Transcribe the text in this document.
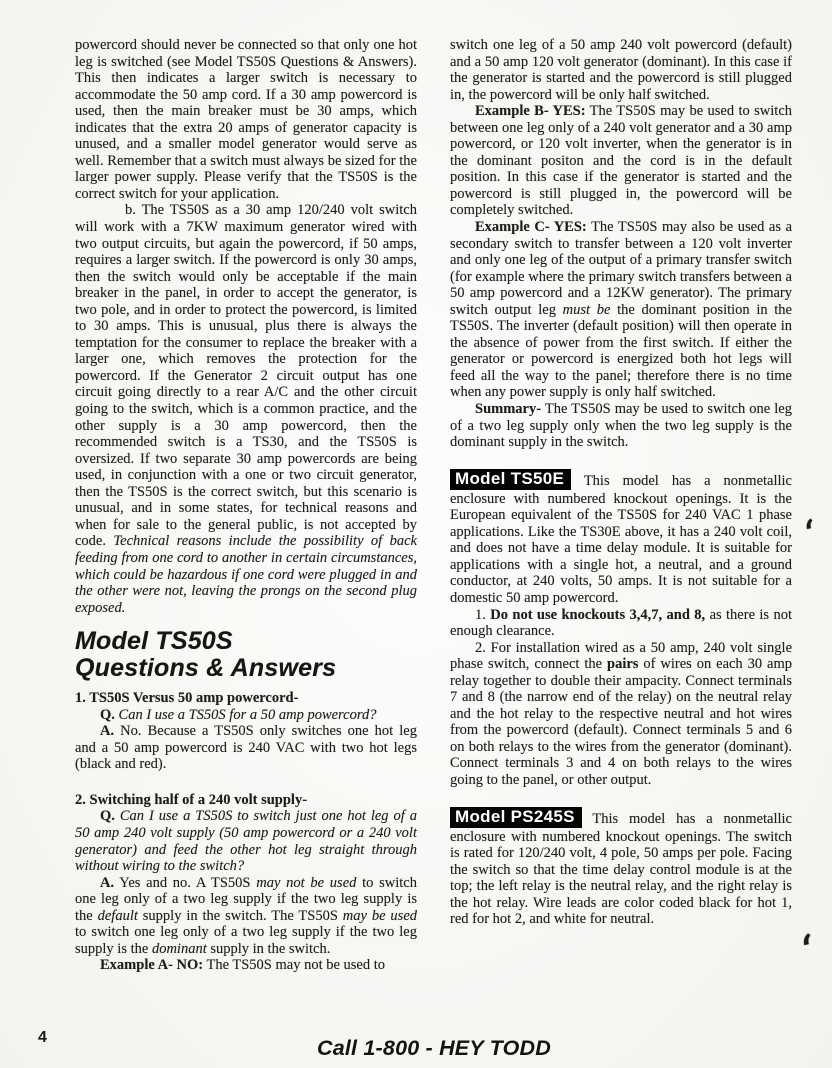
powercord should never be connected so that only one hot leg is switched (see Model TS50S Questions & Answers). This then indicates a larger switch is necessary to accommodate the 50 amp cord. If a 30 amp powercord is used, then the main breaker must be 30 amps, which indicates that the extra 20 amps of generator capacity is unused, and a smaller model generator would serve as well. Remember that a switch must always be sized for the larger power supply. Please verify that the TS50S is the correct switch for your application.
b. The TS50S as a 30 amp 120/240 volt switch will work with a 7KW maximum generator wired with two output circuits, but again the powercord, if 50 amps, requires a larger switch. If the powercord is only 30 amps, then the switch would only be acceptable if the main breaker in the panel, in order to accept the generator, is two pole, and in order to protect the powercord, is limited to 30 amps. This is unusual, plus there is always the temptation for the consumer to replace the breaker with a larger one, which removes the protection for the powercord. If the Generator 2 circuit output has one circuit going directly to a rear A/C and the other circuit going to the switch, which is a common practice, and the other supply is a 30 amp powercord, then the recommended switch is a TS30, and the TS50S is oversized. If two separate 30 amp powercords are being used, in conjunction with a one or two circuit generator, then the TS50S is the correct switch, but this scenario is unusual, and in some states, for technical reasons and when for sale to the general public, is not accepted by code. Technical reasons include the possibility of back feeding from one cord to another in certain circumstances, which could be hazardous if one cord were plugged in and the other were not, leaving the prongs on the second plug exposed.
Model TS50S
Questions & Answers
1. TS50S Versus 50 amp powercord-
Q. Can I use a TS50S for a 50 amp powercord?
A. No. Because a TS50S only switches one hot leg and a 50 amp powercord is 240 VAC with two hot legs (black and red).
2. Switching half of a 240 volt supply-
Q. Can I use a TS50S to switch just one hot leg of a 50 amp 240 volt supply (50 amp powercord or a 240 volt generator) and feed the other hot leg straight through without wiring to the switch?
A. Yes and no. A TS50S may not be used to switch one leg only of a two leg supply if the two leg supply is the default supply in the switch. The TS50S may be used to switch one leg only of a two leg supply if the two leg supply is the dominant supply in the switch.
Example A- NO: The TS50S may not be used to
switch one leg of a 50 amp 240 volt powercord (default) and a 50 amp 120 volt generator (dominant). In this case if the generator is started and the powercord is still plugged in, the powercord will be only half switched.
Example B- YES: The TS50S may be used to switch between one leg only of a 240 volt generator and a 30 amp powercord, or 120 volt inverter, when the generator is in the dominant positon and the cord is in the default position. In this case if the generator is started and the powercord is still plugged in, the powercord will be completely switched.
Example C- YES: The TS50S may also be used as a secondary switch to transfer between a 120 volt inverter and only one leg of the output of a primary transfer switch (for example where the primary switch transfers between a 50 amp powercord and a 12KW generator). The primary switch output leg must be the dominant position in the TS50S. The inverter (default position) will then operate in the absence of power from the first switch. If either the generator or powercord is energized both hot legs will feed all the way to the panel; therefore there is no time when any power supply is only half switched.
Summary- The TS50S may be used to switch one leg of a two leg supply only when the two leg supply is the dominant supply in the switch.
Model TS50E This model has a nonmetallic enclosure with numbered knockout openings. It is the European equivalent of the TS50S for 240 VAC 1 phase applications. Like the TS30E above, it has a 240 volt coil, and does not have a time delay module. It is suitable for applications with a single hot, a neutral, and a ground conductor, at 240 volts, 50 amps. It is not suitable for a domestic 50 amp powercord.
1. Do not use knockouts 3,4,7, and 8, as there is not enough clearance.
2. For installation wired as a 50 amp, 240 volt single phase switch, connect the pairs of wires on each 30 amp relay together to double their ampacity. Connect terminals 7 and 8 (the narrow end of the relay) on the neutral relay and the hot relay to the respective neutral and hot wires from the powercord (default). Connect terminals 5 and 6 on both relays to the wires from the generator (dominant). Connect terminals 3 and 4 on both relays to the wires going to the panel, or other output.
Model PS245S This model has a nonmetallic enclosure with numbered knockout openings. The switch is rated for 120/240 volt, 4 pole, 50 amps per pole. Facing the switch so that the time delay control module is at the top; the left relay is the neutral relay, and the right relay is the hot relay. Wire leads are color coded black for hot 1, red for hot 2, and white for neutral.
4	Call 1-800 - HEY TODD
,
,
